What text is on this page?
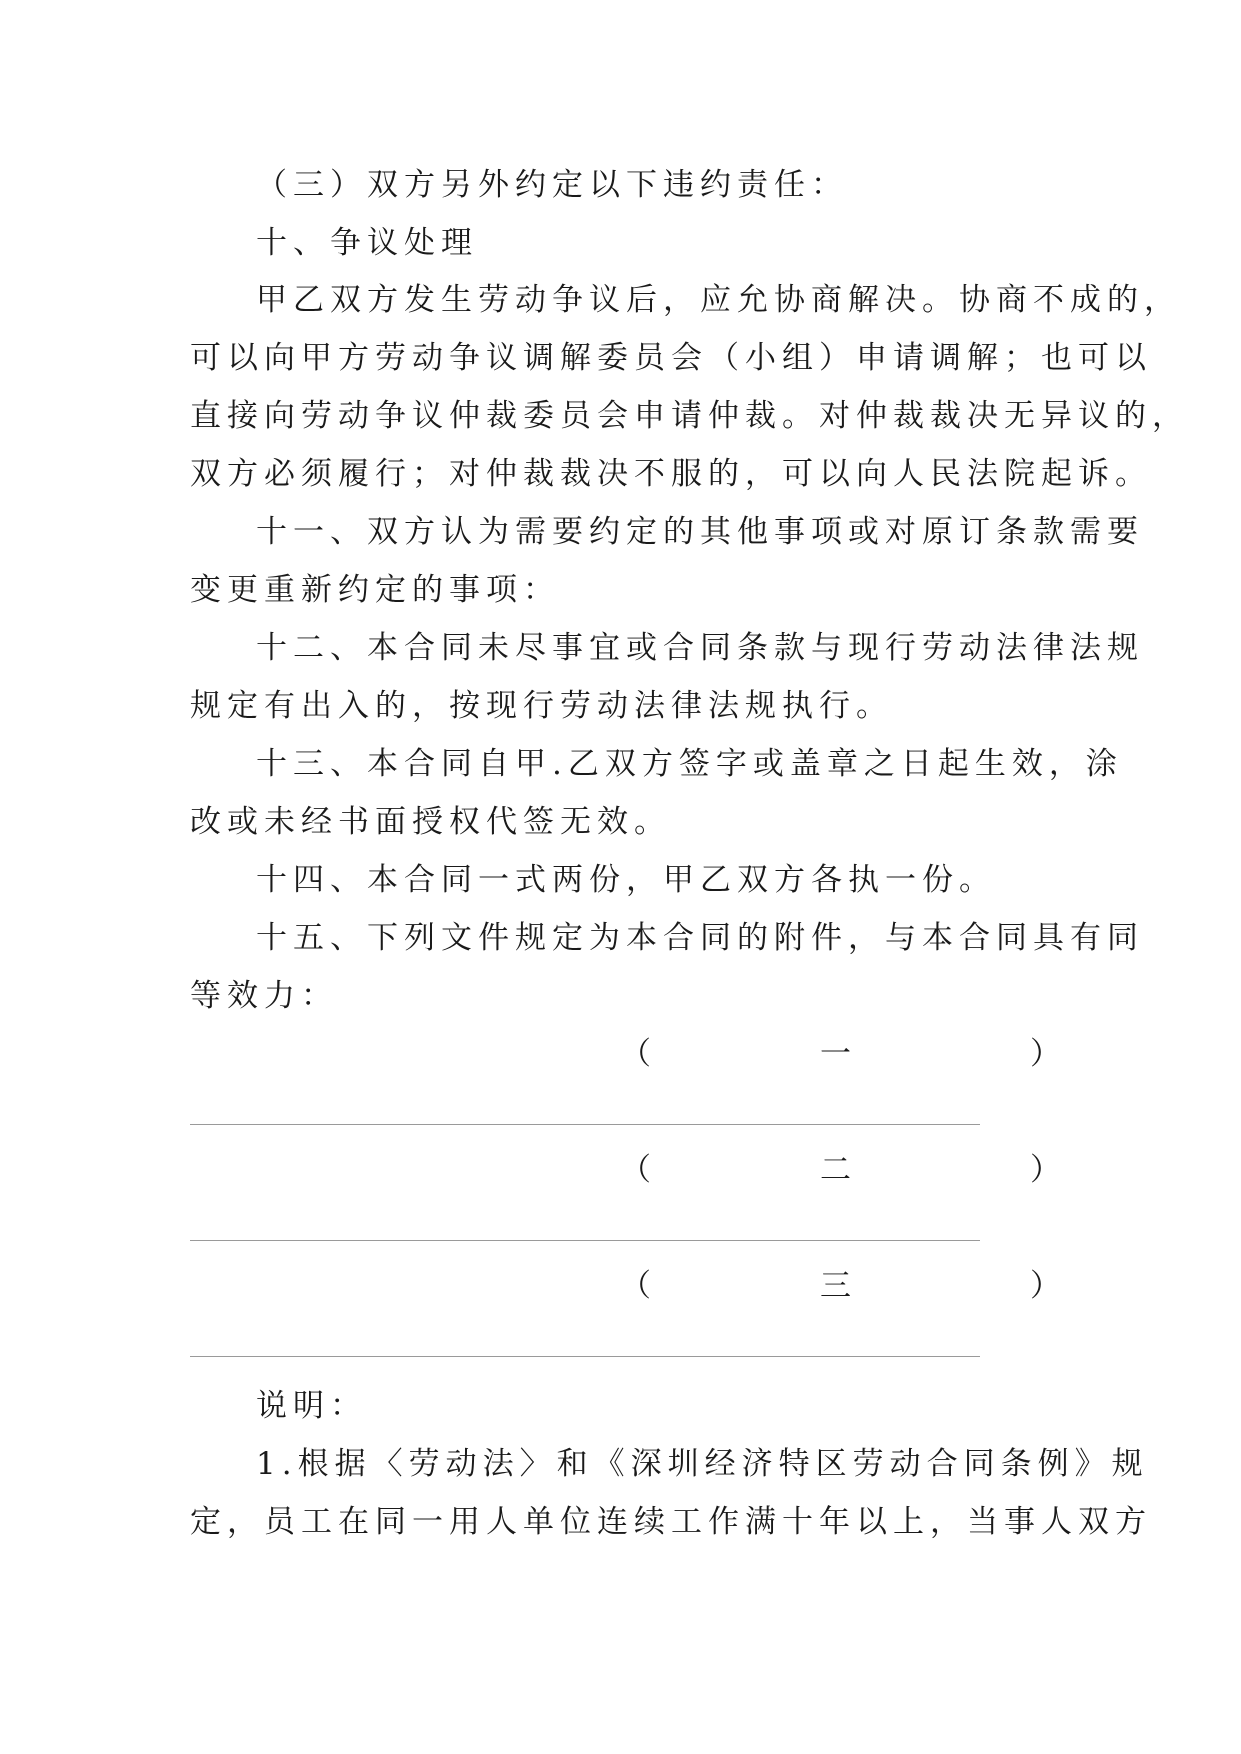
（三）双方另外约定以下违约责任：
十、争议处理
甲乙双方发生劳动争议后，应允协商解决。协商不成的，
可以向甲方劳动争议调解委员会（小组）申请调解；也可以
直接向劳动争议仲裁委员会申请仲裁。对仲裁裁决无异议的，
双方必须履行；对仲裁裁决不服的，可以向人民法院起诉。
十一、双方认为需要约定的其他事项或对原订条款需要
变更重新约定的事项：
十二、本合同未尽事宜或合同条款与现行劳动法律法规
规定有出入的，按现行劳动法律法规执行。
十三、本合同自甲.乙双方签字或盖章之日起生效，涂
改或未经书面授权代签无效。
十四、本合同一式两份，甲乙双方各执一份。
十五、下列文件规定为本合同的附件，与本合同具有同
等效力：
（	一	）
（	二	）
（	三	）
说明：
1.根据〈劳动法〉和《深圳经济特区劳动合同条例》规
定，员工在同一用人单位连续工作满十年以上，当事人双方
